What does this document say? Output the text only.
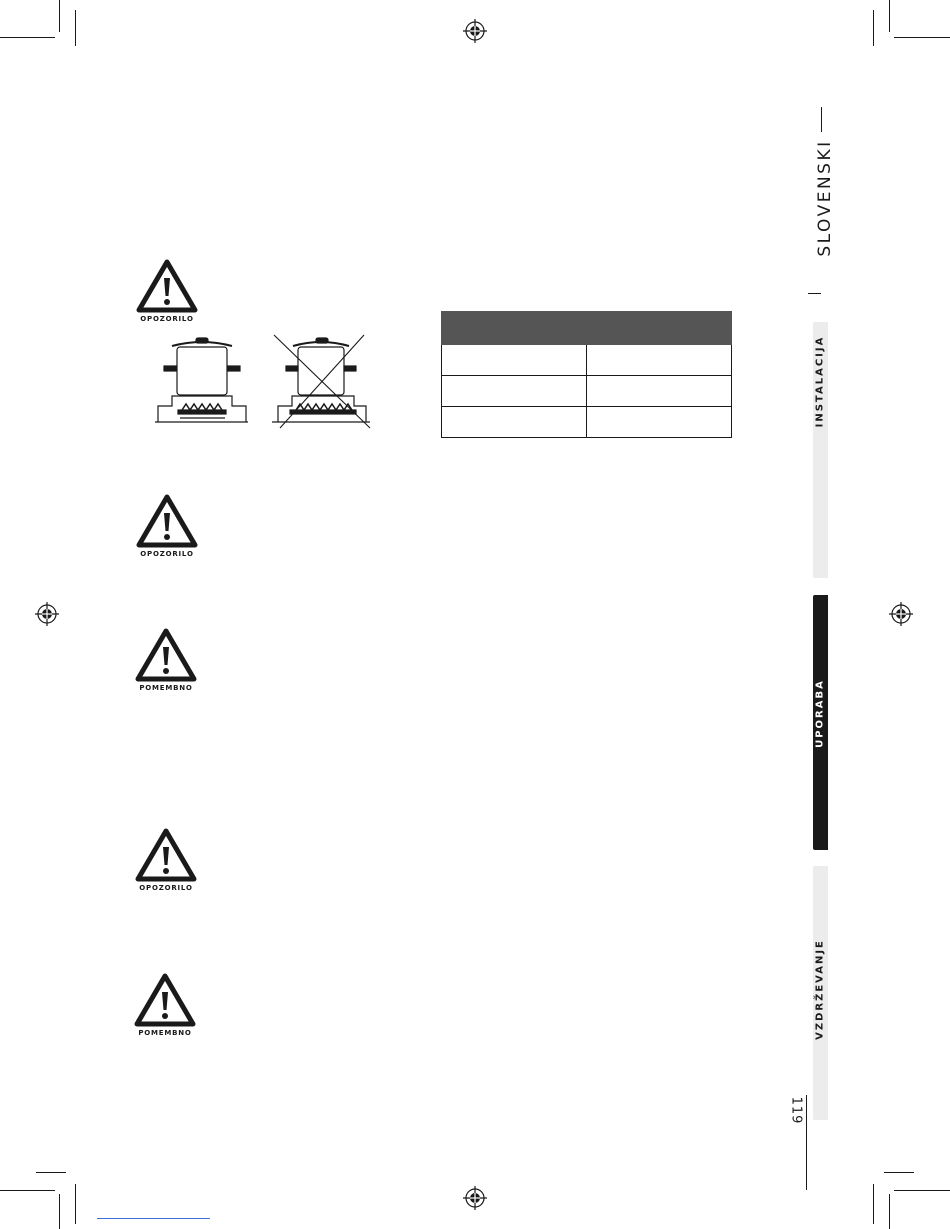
OPOZORILO

OPOZORILO
POMEMBNO
OPOZORILO
POMEMBNO
SLOVENSKI
INSTALACIJA
UPORABA
VZDRŽEVANJE
119
